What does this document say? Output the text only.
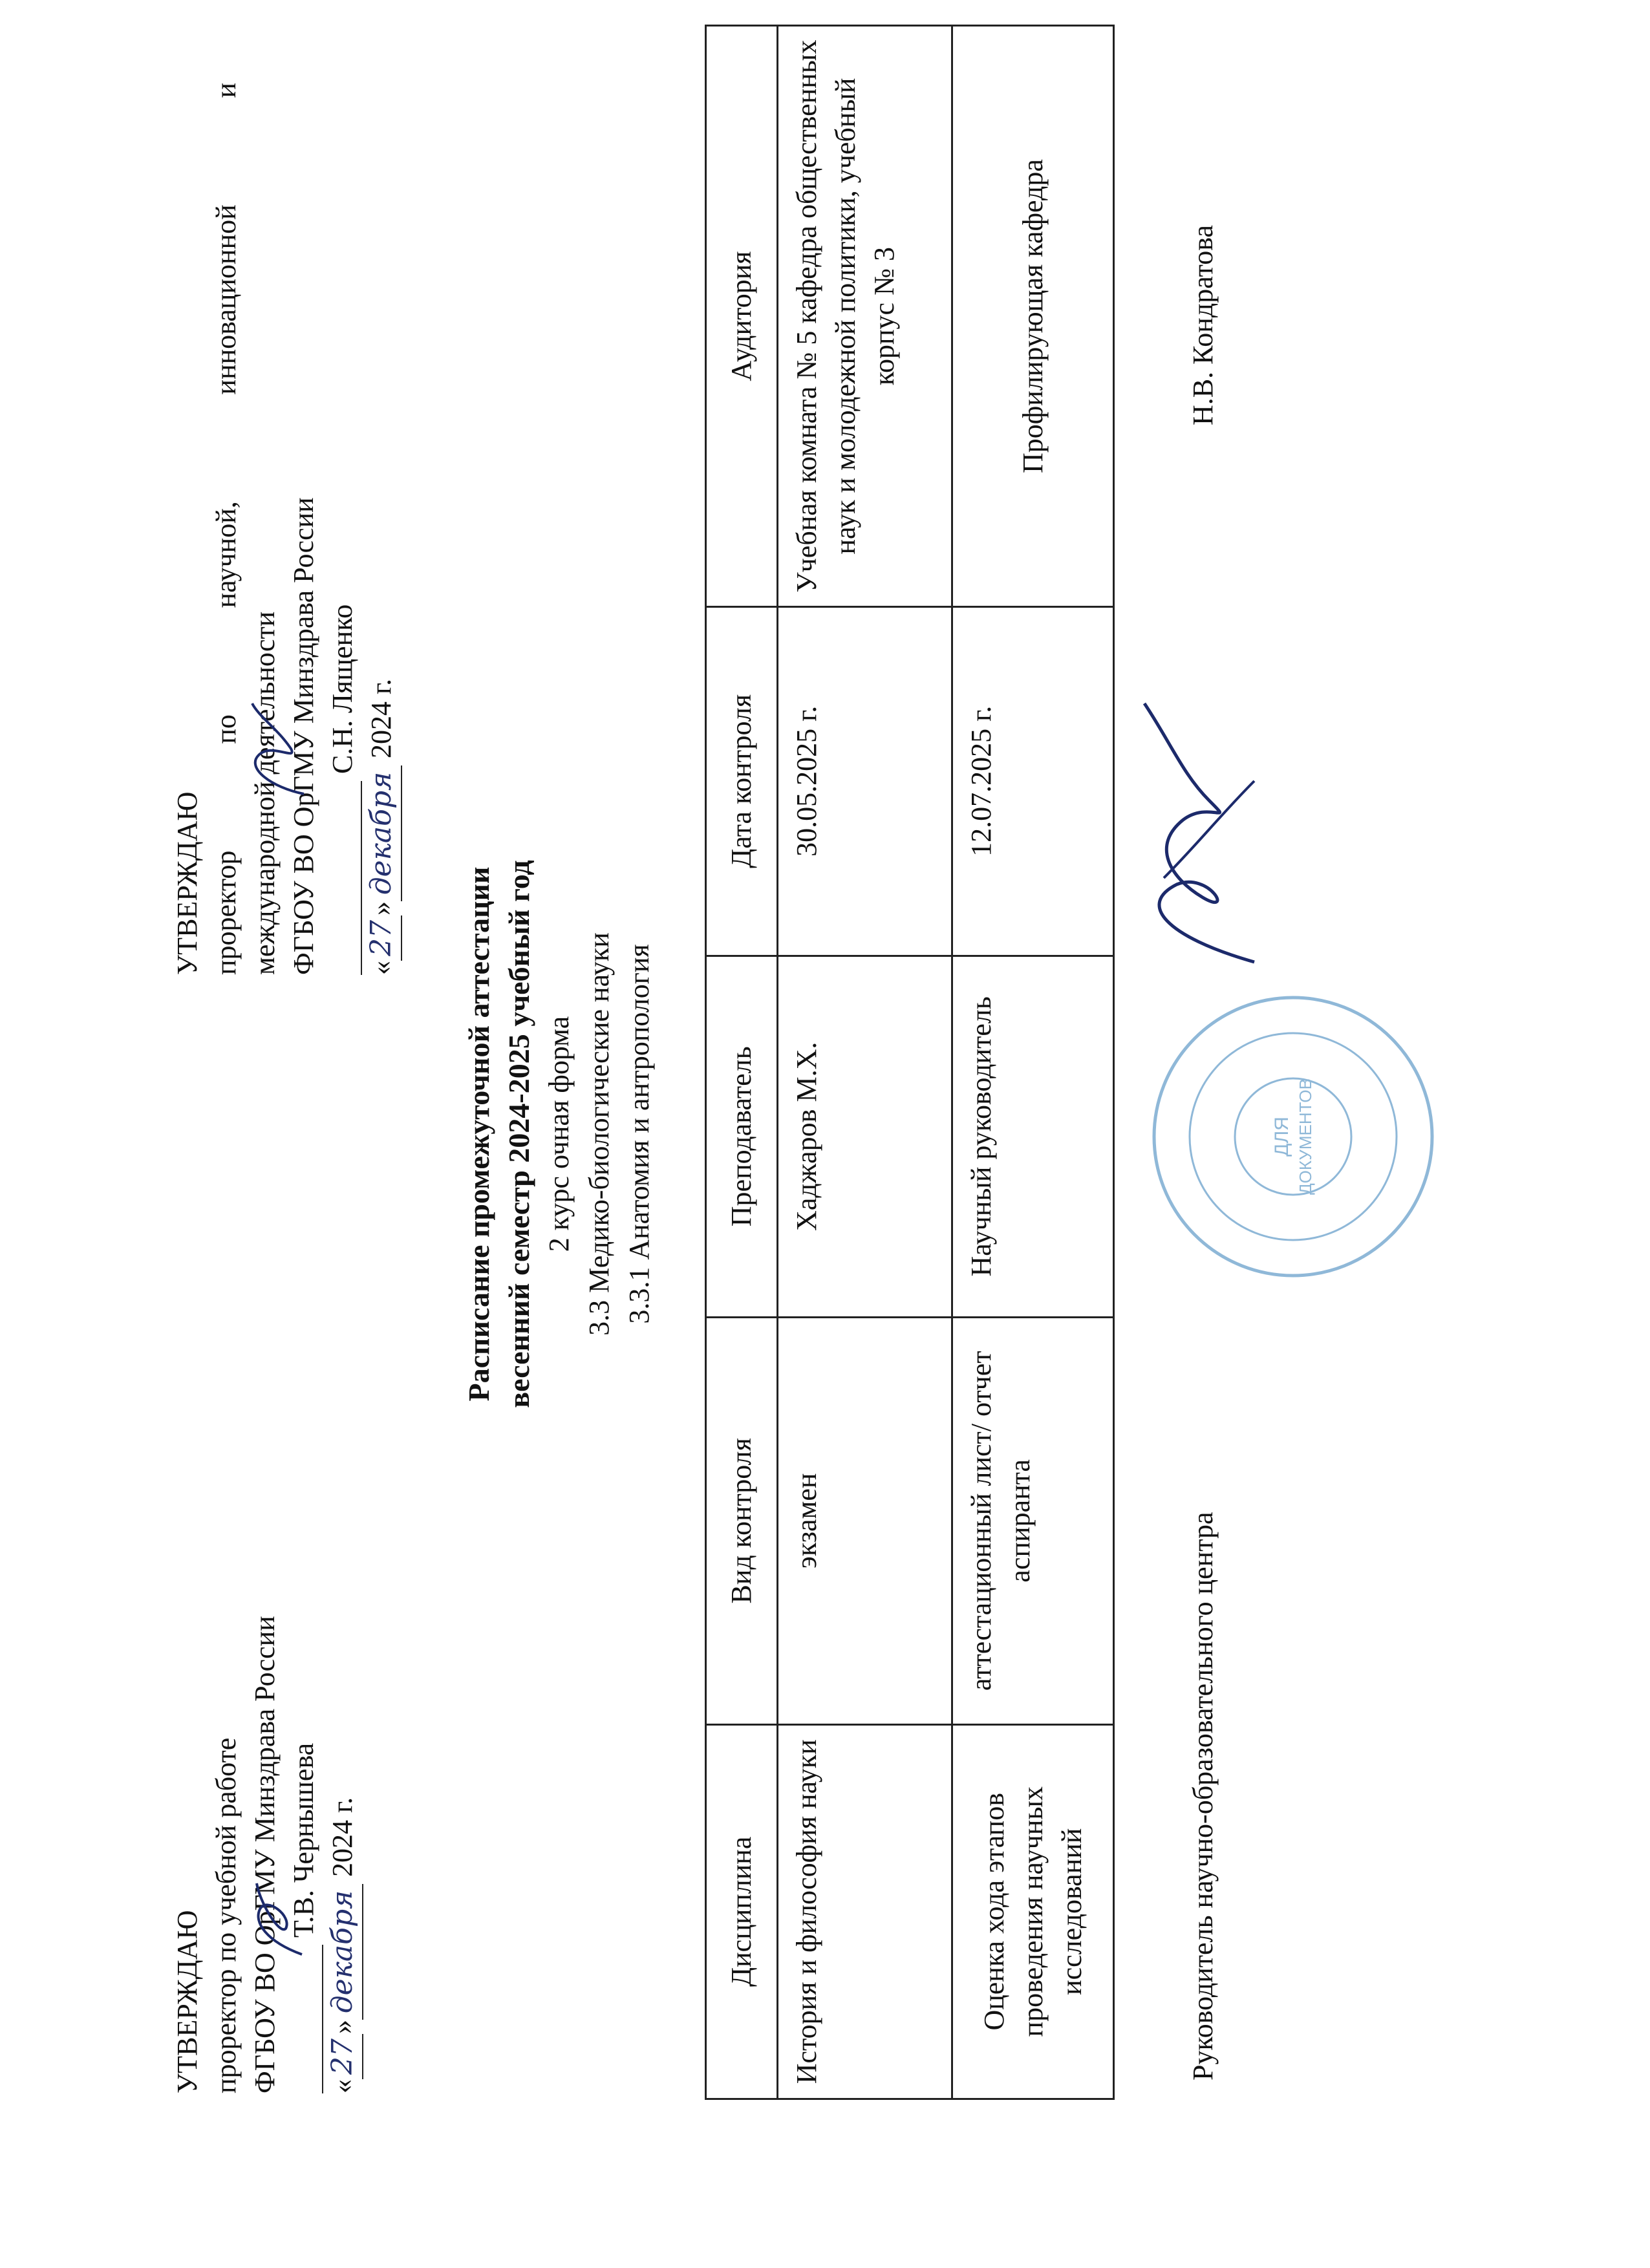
УТВЕРЖДАЮ проректор по учебной работе ФГБОУ ВО ОрГМУ Минздрава России Т.В. Чернышева
«27»декабря 2024 г.
УТВЕРЖДАЮ проректор
по
научной,
инновационной
и
международной деятельности ФГБОУ ВО ОрГМУ Минздрава России С.Н. Лященко
«27»декабря 2024 г.
Расписание промежуточной аттестации весенний семестр 2024-2025 учебный год 2 курс очная форма 3.3 Медико-биологические науки 3.3.1 Анатомия и антропология
Дисциплина	Вид контроля	Преподаватель	Дата контроля	Аудитория
История и философия науки	экзамен	Хаджаров М.Х.	30.05.2025 г.	Учебная комната № 5 кафедра общественных наук и молодежной политики, учебный корпус № 3
Оценка хода этапов проведения научных исследований	аттестационный лист/ отчет аспиранта	Научный руководитель	12.07.2025 г.	Профилирующая кафедра
Руководитель научно-образовательного центра
Н.В. Кондратова
ДЛЯ ДОКУМЕНТОВ
